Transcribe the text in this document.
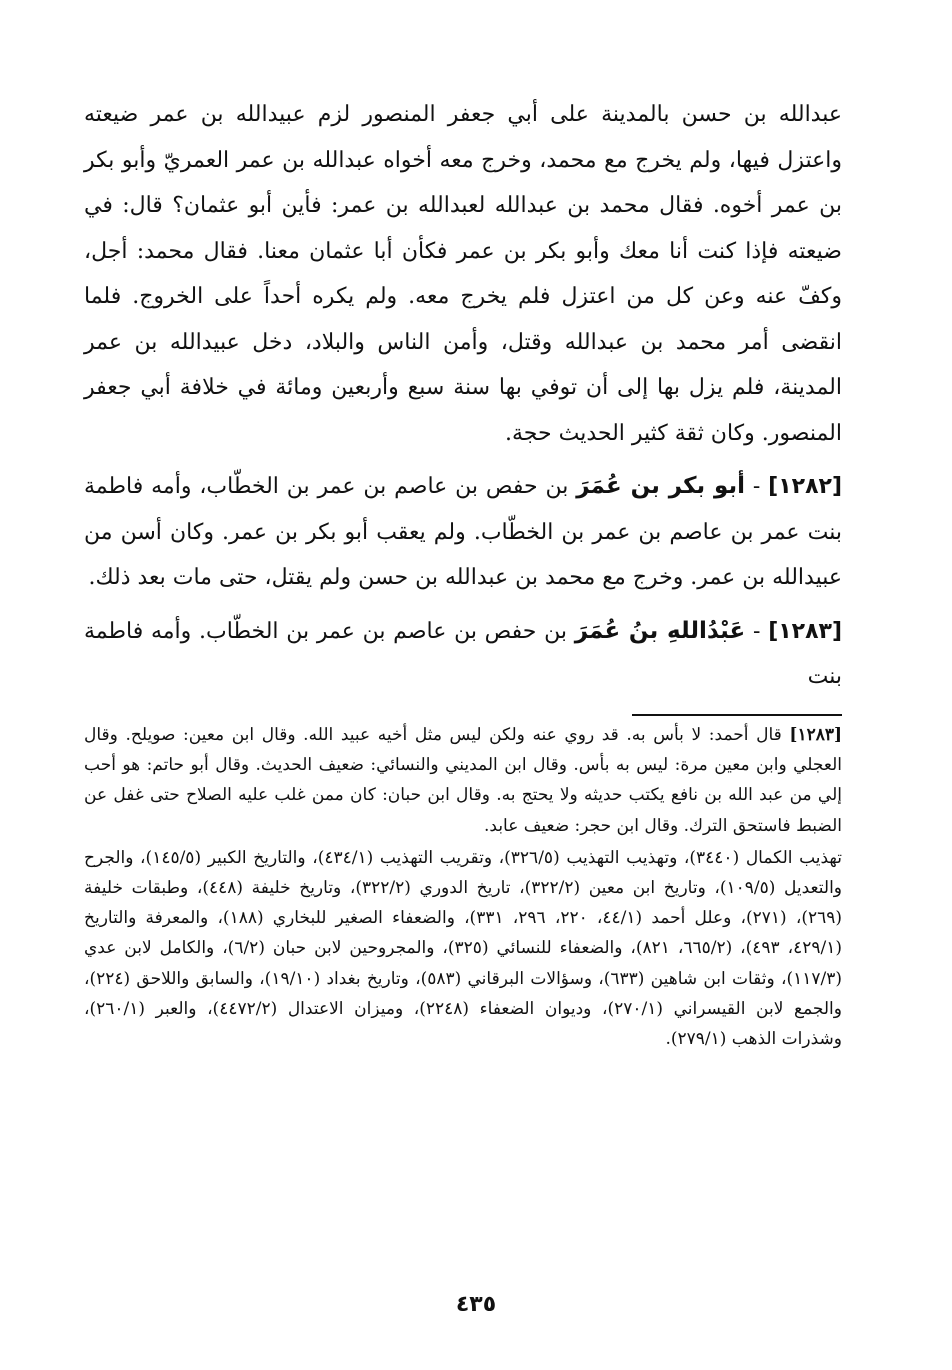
عبدالله بن حسن بالمدينة على أبي جعفر المنصور لزم عبيدالله بن عمر ضيعته واعتزل فيها، ولم يخرج مع محمد، وخرج معه أخواه عبدالله بن عمر العمريّ وأبو بكر بن عمر أخوه. فقال محمد بن عبدالله لعبدالله بن عمر: فأين أبو عثمان؟ قال: في ضيعته فإذا كنت أنا معك وأبو بكر بن عمر فكأن أبا عثمان معنا. فقال محمد: أجل، وكفّ عنه وعن كل من اعتزل فلم يخرج معه. ولم يكره أحداً على الخروج. فلما انقضى أمر محمد بن عبدالله وقتل، وأمن الناس والبلاد، دخل عبيدالله بن عمر المدينة، فلم يزل بها إلى أن توفي بها سنة سبع وأربعين ومائة في خلافة أبي جعفر المنصور. وكان ثقة كثير الحديث حجة.

[١٢٨٢] - أبو بكر بن عُمَرَ بن حفص بن عاصم بن عمر بن الخطّاب، وأمه فاطمة بنت عمر بن عاصم بن عمر بن الخطّاب. ولم يعقب أبو بكر بن عمر. وكان أسن من عبيدالله بن عمر. وخرج مع محمد بن عبدالله بن حسن ولم يقتل، حتى مات بعد ذلك.

[١٢٨٣] - عَبْدُاللهِ بنُ عُمَرَ بن حفص بن عاصم بن عمر بن الخطّاب. وأمه فاطمة بنت

[١٢٨٣] قال أحمد: لا بأس به. قد روي عنه ولكن ليس مثل أخيه عبيد الله. وقال ابن معين: صويلح. وقال العجلي وابن معين مرة: ليس به بأس. وقال ابن المديني والنسائي: ضعيف الحديث. وقال أبو حاتم: هو أحب إلي من عبد الله بن نافع يكتب حديثه ولا يحتج به. وقال ابن حبان: كان ممن غلب عليه الصلاح حتى غفل عن الضبط فاستحق الترك. وقال ابن حجر: ضعيف عابد.

تهذيب الكمال (٣٤٤٠)، وتهذيب التهذيب (٣٢٦/٥)، وتقريب التهذيب (٤٣٤/١)، والتاريخ الكبير (١٤٥/٥)، والجرح والتعديل (١٠٩/٥)، وتاريخ ابن معين (٣٢٢/٢)، تاريخ الدوري (٣٢٢/٢)، وتاريخ خليفة (٤٤٨)، وطبقات خليفة (٢٦٩)، (٢٧١)، وعلل أحمد (٤٤/١، ٢٢٠، ٢٩٦، ٣٣١)، والضعفاء الصغير للبخاري (١٨٨)، والمعرفة والتاريخ (٤٢٩/١، ٤٩٣)، (٦٦٥/٢، ٨٢١)، والضعفاء للنسائي (٣٢٥)، والمجروحين لابن حبان (٦/٢)، والكامل لابن عدي (١١٧/٣)، وثقات ابن شاهين (٦٣٣)، وسؤالات البرقاني (٥٨٣)، وتاريخ بغداد (١٩/١٠)، والسابق واللاحق (٢٢٤)، والجمع لابن القيسراني (٢٧٠/١)، وديوان الضعفاء (٢٢٤٨)، وميزان الاعتدال (٤٤٧٢/٢)، والعبر (٢٦٠/١)، وشذرات الذهب (٢٧٩/١).

٤٣٥
